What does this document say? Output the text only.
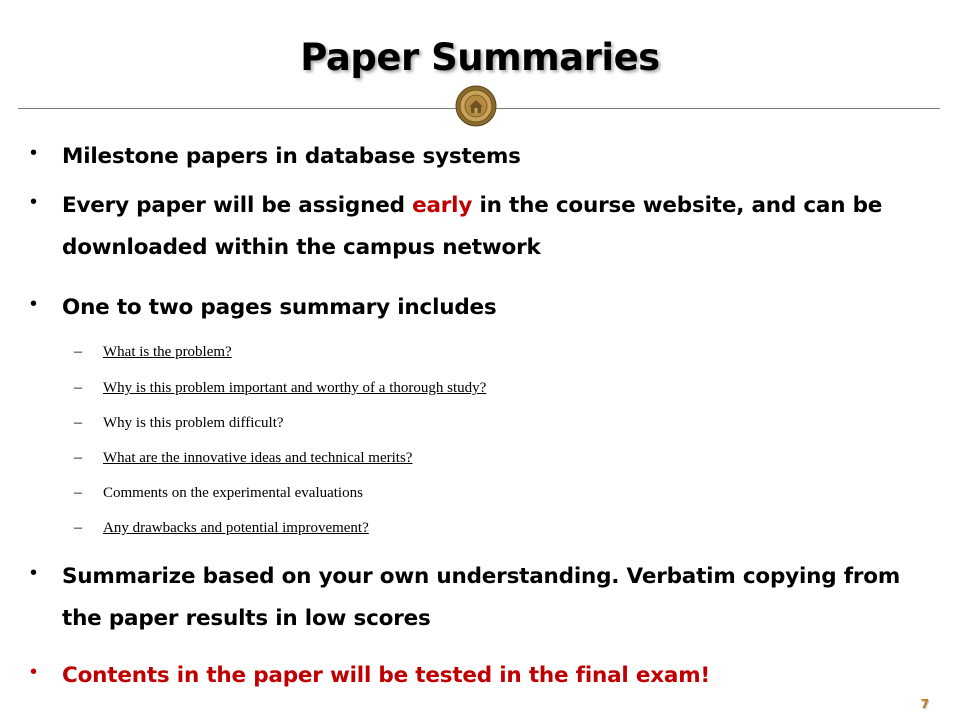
Paper Summaries
• Milestone papers in database systems
• Every paper will be assigned early in the course website, and can be downloaded within the campus network
• One to two pages summary includes
– What is the problem?
– Why is this problem important and worthy of a thorough study?
– Why is this problem difficult?
– What are the innovative ideas and technical merits?
– Comments on the experimental evaluations
– Any drawbacks and potential improvement?
• Summarize based on your own understanding. Verbatim copying from the paper results in low scores
• Contents in the paper will be tested in the final exam!
7
